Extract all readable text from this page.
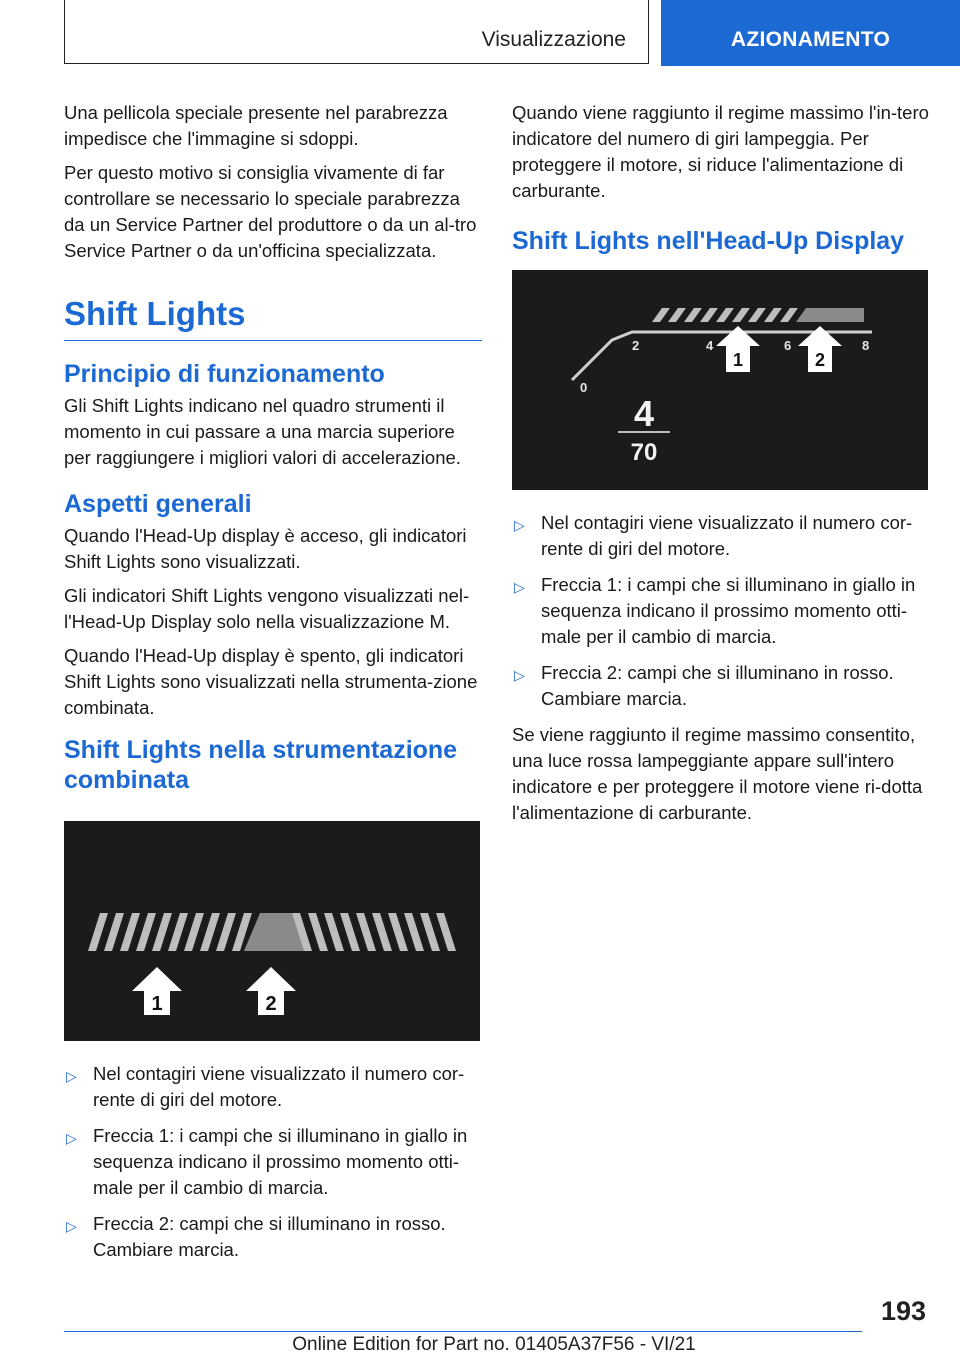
Visualizzazione	AZIONAMENTO

Una pellicola speciale presente nel parabrezza impedisce che l'immagine si sdoppi.

Per questo motivo si consiglia vivamente di far controllare se necessario lo speciale parabrezza da un Service Partner del produttore o da un al-tro Service Partner o da un'officina specializzata.

Shift Lights
Principio di funzionamento

Gli Shift Lights indicano nel quadro strumenti il momento in cui passare a una marcia superiore per raggiungere i migliori valori di accelerazione.

Aspetti generali

Quando l'Head-Up display è acceso, gli indicatori Shift Lights sono visualizzati.

Gli indicatori Shift Lights vengono visualizzati nel-l'Head-Up Display solo nella visualizzazione M.

Quando l'Head-Up display è spento, gli indicatori Shift Lights sono visualizzati nella strumenta-zione combinata.

Shift Lights nella strumentazione combinata
1	2
▷ Nel contagiri viene visualizzato il numero cor-rente di giri del motore.
▷ Freccia 1: i campi che si illuminano in giallo in sequenza indicano il prossimo momento otti-male per il cambio di marcia.
▷ Freccia 2: campi che si illuminano in rosso. Cambiare marcia.

Quando viene raggiunto il regime massimo l'in-tero indicatore del numero di giri lampeggia. Per proteggere il motore, si riduce l'alimentazione di carburante.

Shift Lights nell'Head-Up Display
0
2	4	6	8
1	2
4
70
▷ Nel contagiri viene visualizzato il numero cor-rente di giri del motore.
▷ Freccia 1: i campi che si illuminano in giallo in sequenza indicano il prossimo momento otti-male per il cambio di marcia.
▷ Freccia 2: campi che si illuminano in rosso. Cambiare marcia.

Se viene raggiunto il regime massimo consentito, una luce rossa lampeggiante appare sull'intero indicatore e per proteggere il motore viene ri-dotta l'alimentazione di carburante.

193
Online Edition for Part no. 01405A37F56 - VI/21
